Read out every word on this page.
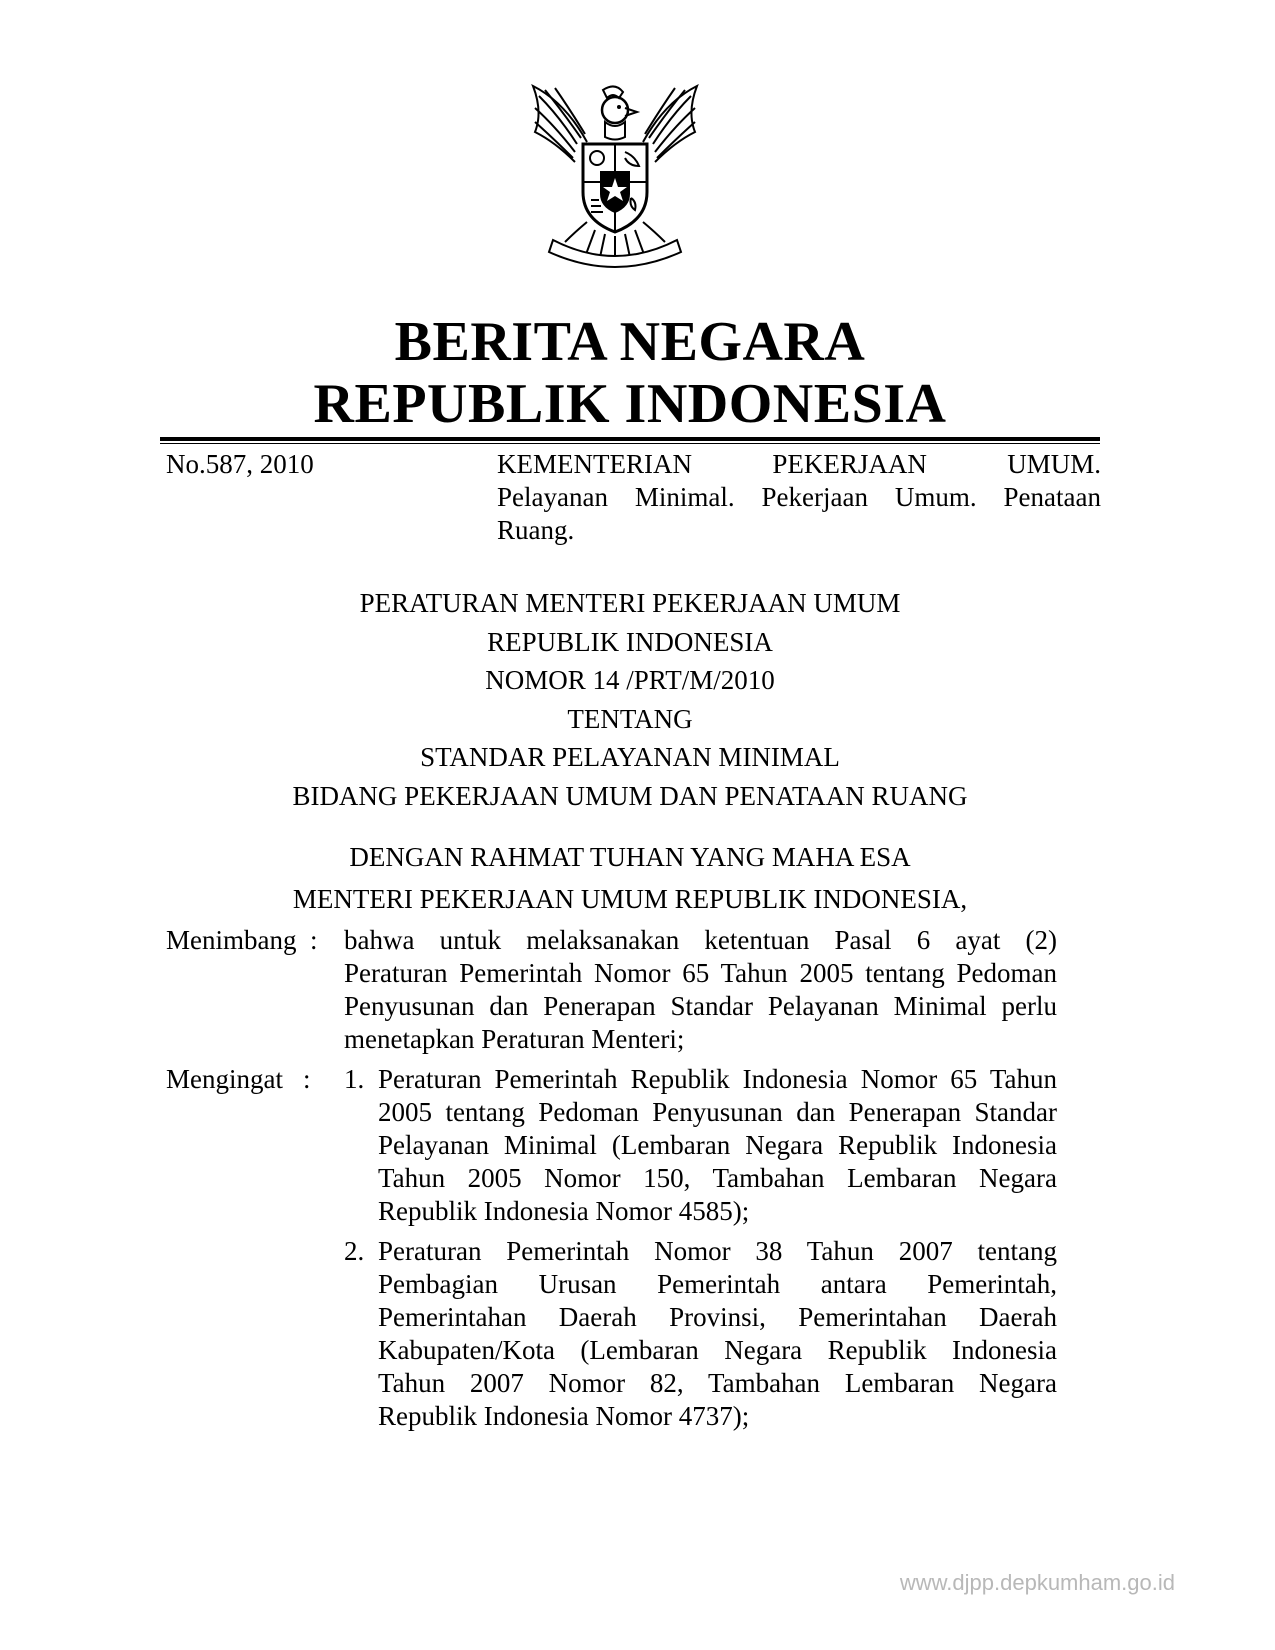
BERITA NEGARA
REPUBLIK INDONESIA
No.587, 2010	KEMENTERIAN PEKERJAAN UMUM.
Pelayanan Minimal. Pekerjaan Umum. Penataan
Ruang.
PERATURAN MENTERI PEKERJAAN UMUM
REPUBLIK INDONESIA
NOMOR 14 /PRT/M/2010
TENTANG
STANDAR PELAYANAN MINIMAL
BIDANG PEKERJAAN UMUM DAN PENATAAN RUANG
DENGAN RAHMAT TUHAN YANG MAHA ESA
MENTERI PEKERJAAN UMUM REPUBLIK INDONESIA,
Menimbang : bahwa untuk melaksanakan ketentuan Pasal 6 ayat (2)
Peraturan Pemerintah Nomor 65 Tahun 2005 tentang Pedoman
Penyusunan dan Penerapan Standar Pelayanan Minimal perlu
menetapkan Peraturan Menteri;
Mengingat : 1. Peraturan Pemerintah Republik Indonesia Nomor 65 Tahun
2005 tentang Pedoman Penyusunan dan Penerapan Standar
Pelayanan Minimal (Lembaran Negara Republik Indonesia
Tahun 2005 Nomor 150, Tambahan Lembaran Negara
Republik Indonesia Nomor 4585);
2. Peraturan Pemerintah Nomor 38 Tahun 2007 tentang
Pembagian Urusan Pemerintah antara Pemerintah,
Pemerintahan Daerah Provinsi, Pemerintahan Daerah
Kabupaten/Kota (Lembaran Negara Republik Indonesia
Tahun 2007 Nomor 82, Tambahan Lembaran Negara
Republik Indonesia Nomor 4737);
www.djpp.depkumham.go.id
